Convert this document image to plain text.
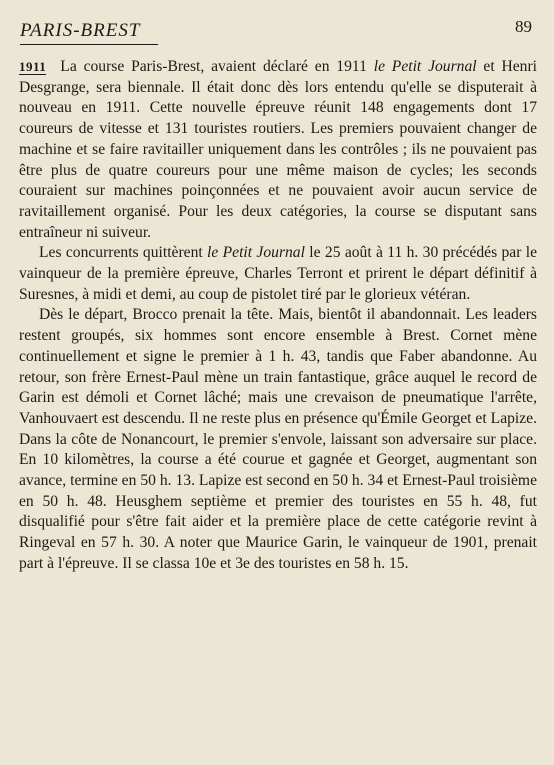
PARIS-BREST	89

1911 La course Paris-Brest, avaient déclaré en 1911 le Petit Journal et Henri Desgrange, sera biennale. Il était donc dès lors entendu qu'elle se disputerait à nouveau en 1911. Cette nouvelle épreuve réunit 148 engagements dont 17 coureurs de vitesse et 131 touristes routiers. Les premiers pouvaient changer de machine et se faire ravitailler uniquement dans les contrôles ; ils ne pouvaient pas être plus de quatre coureurs pour une même maison de cycles; les seconds couraient sur machines poinçonnées et ne pouvaient avoir aucun service de ravitaillement organisé. Pour les deux catégories, la course se disputant sans entraîneur ni suiveur.

Les concurrents quittèrent le Petit Journal le 25 août à 11 h. 30 précédés par le vainqueur de la première épreuve, Charles Terront et prirent le départ définitif à Suresnes, à midi et demi, au coup de pistolet tiré par le glorieux vétéran.

Dès le départ, Brocco prenait la tête. Mais, bientôt il abandonnait. Les leaders restent groupés, six hommes sont encore ensemble à Brest. Cornet mène continuellement et signe le premier à 1 h. 43, tandis que Faber abandonne. Au retour, son frère Ernest-Paul mène un train fantastique, grâce auquel le record de Garin est démoli et Cornet lâché; mais une crevaison de pneumatique l'arrête, Vanhouvaert est descendu. Il ne reste plus en présence qu'Émile Georget et Lapize. Dans la côte de Nonancourt, le premier s'envole, laissant son adversaire sur place. En 10 kilomètres, la course a été courue et gagnée et Georget, augmentant son avance, termine en 50 h. 13. Lapize est second en 50 h. 34 et Ernest-Paul troisième en 50 h. 48. Heusghem septième et premier des touristes en 55 h. 48, fut disqualifié pour s'être fait aider et la première place de cette catégorie revint à Ringeval en 57 h. 30. A noter que Maurice Garin, le vainqueur de 1901, prenait part à l'épreuve. Il se classa 10e et 3e des touristes en 58 h. 15.
